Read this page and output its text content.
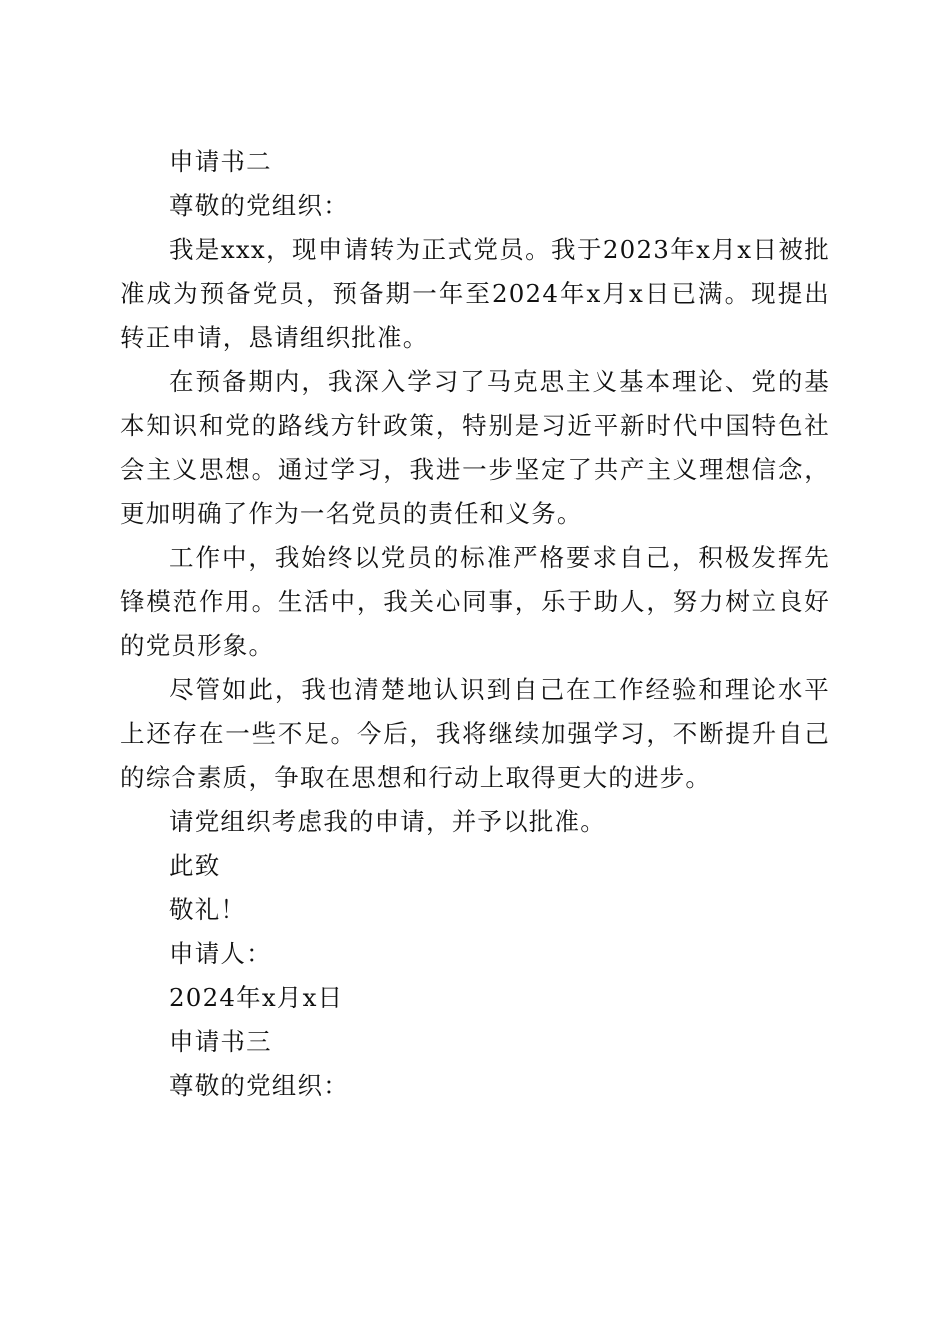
申请书二

尊敬的党组织：

我是xxx，现申请转为正式党员。我于2023年x月x日被批准成为预备党员，预备期一年至2024年x月x日已满。现提出转正申请，恳请组织批准。

在预备期内，我深入学习了马克思主义基本理论、党的基本知识和党的路线方针政策，特别是习近平新时代中国特色社会主义思想。通过学习，我进一步坚定了共产主义理想信念，更加明确了作为一名党员的责任和义务。

工作中，我始终以党员的标准严格要求自己，积极发挥先锋模范作用。生活中，我关心同事，乐于助人，努力树立良好的党员形象。

尽管如此，我也清楚地认识到自己在工作经验和理论水平上还存在一些不足。今后，我将继续加强学习，不断提升自己的综合素质，争取在思想和行动上取得更大的进步。

请党组织考虑我的申请，并予以批准。

此致

敬礼！

申请人：

2024年x月x日

申请书三

尊敬的党组织：
